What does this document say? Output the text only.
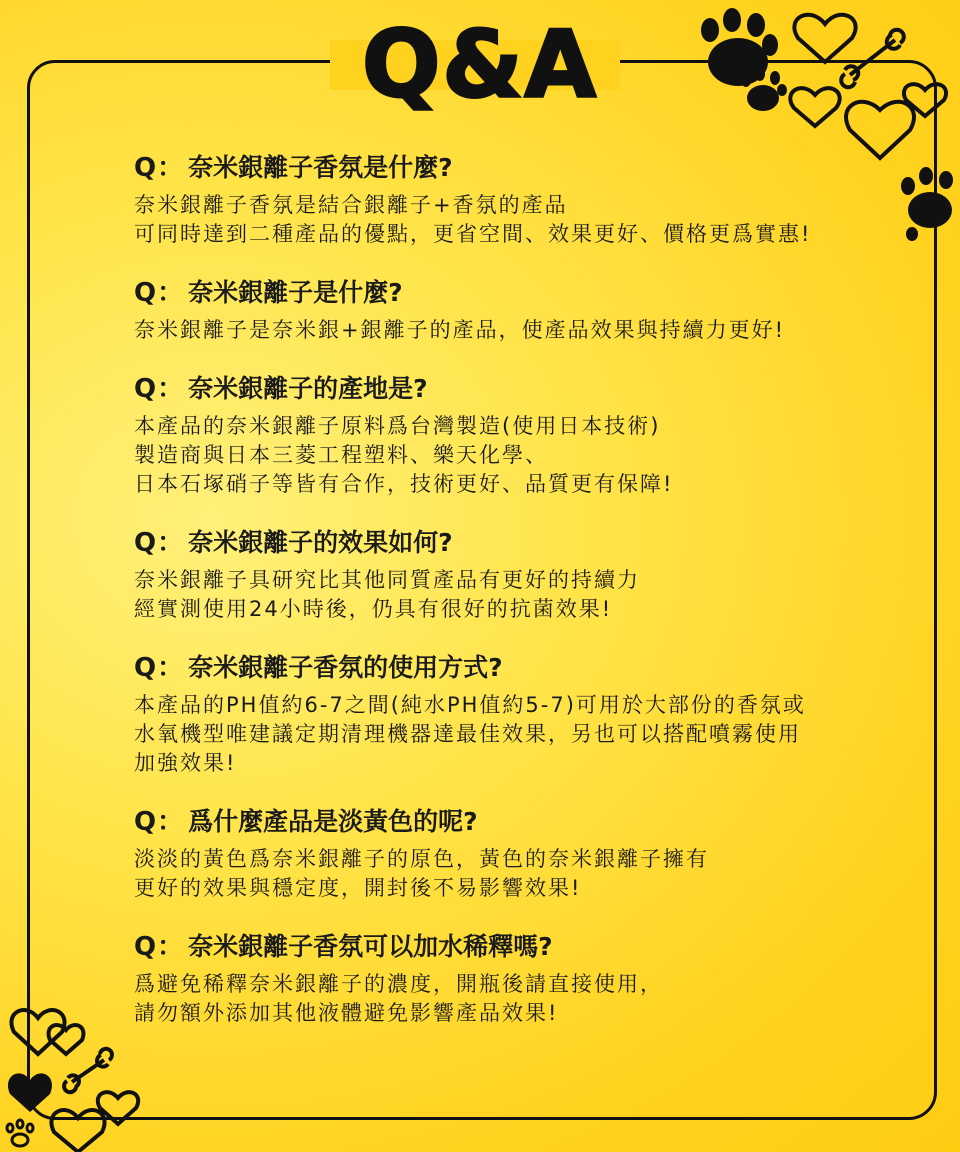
Q&A
Q： 奈米銀離子香氛是什麼?

奈米銀離子香氛是結合銀離子+香氛的產品

可同時達到二種產品的優點，更省空間、效果更好、價格更爲實惠!

Q： 奈米銀離子是什麼?

奈米銀離子是奈米銀+銀離子的產品，使產品效果與持續力更好!

Q： 奈米銀離子的產地是?

本產品的奈米銀離子原料爲台灣製造(使用日本技術)

製造商與日本三菱工程塑料、樂天化學、

日本石塚硝子等皆有合作，技術更好、品質更有保障!

Q： 奈米銀離子的效果如何?

奈米銀離子具研究比其他同質產品有更好的持續力

經實測使用24小時後，仍具有很好的抗菌效果!

Q： 奈米銀離子香氛的使用方式?

本產品的PH值約6-7之間(純水PH值約5-7)可用於大部份的香氛或

水氧機型唯建議定期清理機器達最佳效果，另也可以搭配噴霧使用

加強效果!

Q： 爲什麼產品是淡黃色的呢?

淡淡的黃色爲奈米銀離子的原色，黃色的奈米銀離子擁有

更好的效果與穩定度，開封後不易影響效果!

Q： 奈米銀離子香氛可以加水稀釋嗎?

爲避免稀釋奈米銀離子的濃度，開瓶後請直接使用，

請勿額外添加其他液體避免影響產品效果!
